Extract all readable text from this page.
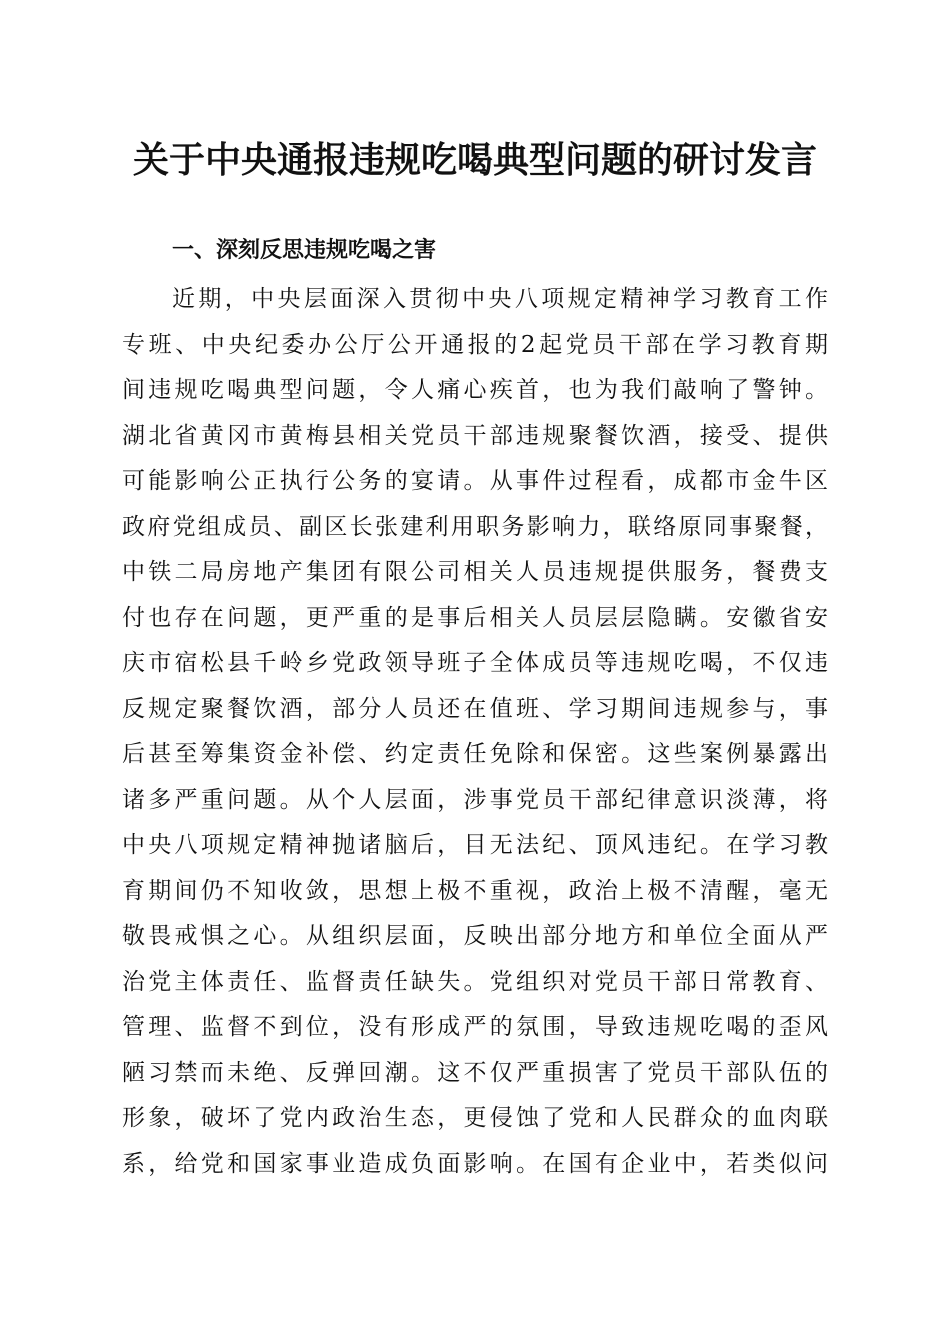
关于中央通报违规吃喝典型问题的研讨发言
一、深刻反思违规吃喝之害
近期，中央层面深入贯彻中央八项规定精神学习教育工作
专班、中央纪委办公厅公开通报的2起党员干部在学习教育期
间违规吃喝典型问题，令人痛心疾首，也为我们敲响了警钟。
湖北省黄冈市黄梅县相关党员干部违规聚餐饮酒，接受、提供
可能影响公正执行公务的宴请。从事件过程看，成都市金牛区
政府党组成员、副区长张建利用职务影响力，联络原同事聚餐，
中铁二局房地产集团有限公司相关人员违规提供服务，餐费支
付也存在问题，更严重的是事后相关人员层层隐瞒。安徽省安
庆市宿松县千岭乡党政领导班子全体成员等违规吃喝，不仅违
反规定聚餐饮酒，部分人员还在值班、学习期间违规参与，事
后甚至筹集资金补偿、约定责任免除和保密。这些案例暴露出
诸多严重问题。从个人层面，涉事党员干部纪律意识淡薄，将
中央八项规定精神抛诸脑后，目无法纪、顶风违纪。在学习教
育期间仍不知收敛，思想上极不重视，政治上极不清醒，毫无
敬畏戒惧之心。从组织层面，反映出部分地方和单位全面从严
治党主体责任、监督责任缺失。党组织对党员干部日常教育、
管理、监督不到位，没有形成严的氛围，导致违规吃喝的歪风
陋习禁而未绝、反弹回潮。这不仅严重损害了党员干部队伍的
形象，破坏了党内政治生态，更侵蚀了党和人民群众的血肉联
系，给党和国家事业造成负面影响。在国有企业中，若类似问
